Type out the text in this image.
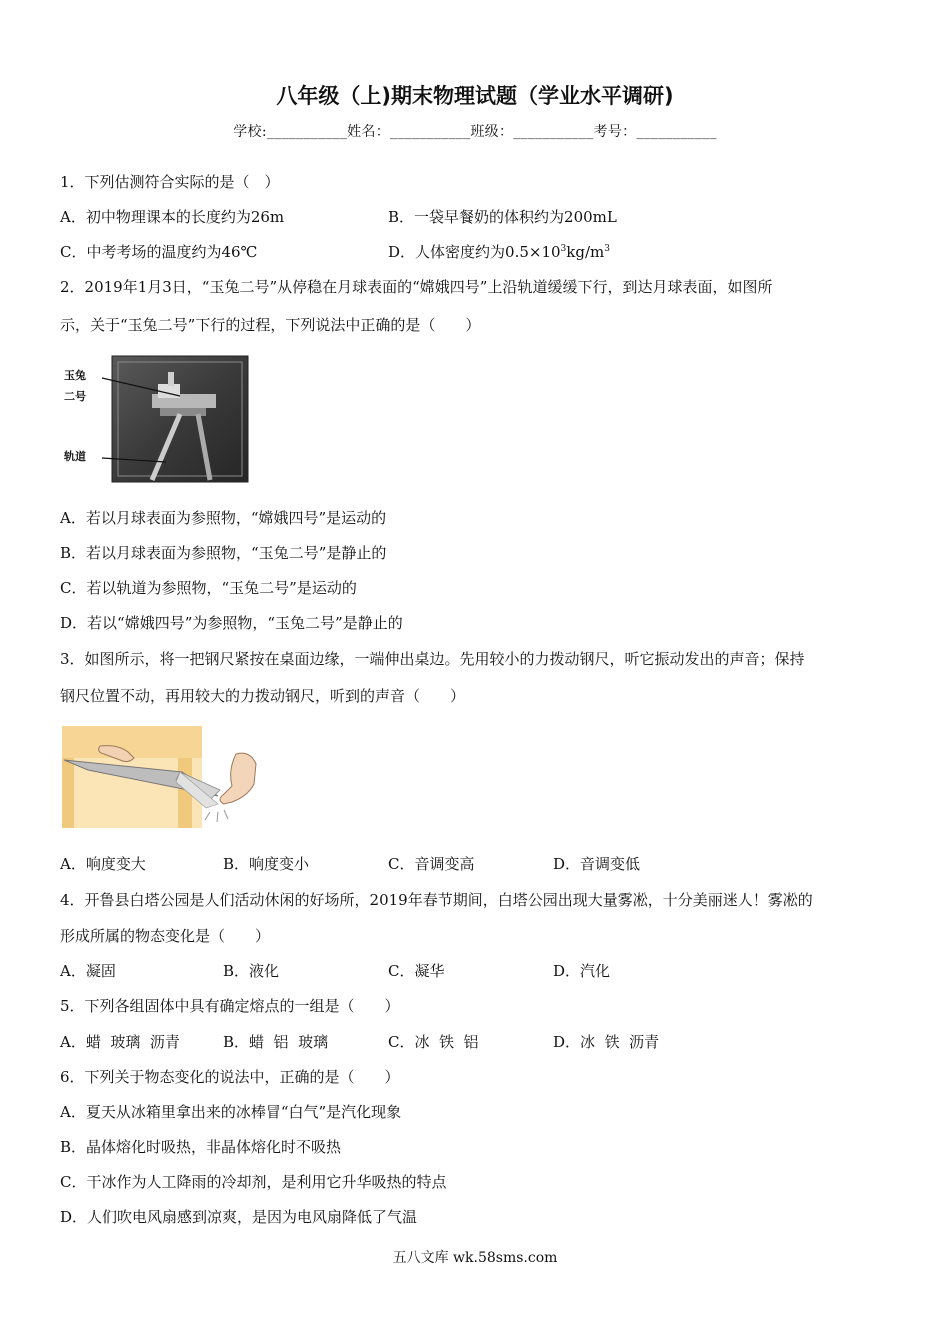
八年级（上)期末物理试题（学业水平调研)
学校:___________姓名：___________班级：___________考号：___________
1．下列估测符合实际的是（　）
A．初中物理课本的长度约为26m	B．一袋早餐奶的体积约为200mL
C．中考考场的温度约为46℃	D．人体密度约为$0.5\times 10^3kg/m^3$
2．2019年1月3日，“玉兔二号”从停稳在月球表面的“嫦娥四号”上沿轨道缓缓下行，到达月球表面，如图所
示，关于“玉兔二号”下行的过程，下列说法中正确的是（　　）
玉兔
二号
轨道
A．若以月球表面为参照物，“嫦娥四号”是运动的
B．若以月球表面为参照物，“玉兔二号”是静止的
C．若以轨道为参照物，“玉兔二号”是运动的
D．若以“嫦娥四号”为参照物，“玉兔二号”是静止的
3．如图所示，将一把钢尺紧按在桌面边缘，一端伸出桌边。先用较小的力拨动钢尺，听它振动发出的声音；保持
钢尺位置不动，再用较大的力拨动钢尺，听到的声音（　　）
A．响度变大	B．响度变小	C．音调变高	D．音调变低
4．开鲁县白塔公园是人们活动休闲的好场所，2019年春节期间，白塔公园出现大量雾凇，十分美丽迷人！雾凇的
形成所属的物态变化是（　　）
A．凝固	B．液化	C．凝华	D．汽化
5．下列各组固体中具有确定熔点的一组是（　　）
A．蜡  玻璃  沥青	B．蜡  铝  玻璃	C．冰  铁  铝	D．冰  铁  沥青
6．下列关于物态变化的说法中，正确的是（　　）
A．夏天从冰箱里拿出来的冰棒冒“白气”是汽化现象
B．晶体熔化时吸热，非晶体熔化时不吸热
C．干冰作为人工降雨的冷却剂，是利用它升华吸热的特点
D．人们吹电风扇感到凉爽，是因为电风扇降低了气温
五八文库 wk.58sms.com
